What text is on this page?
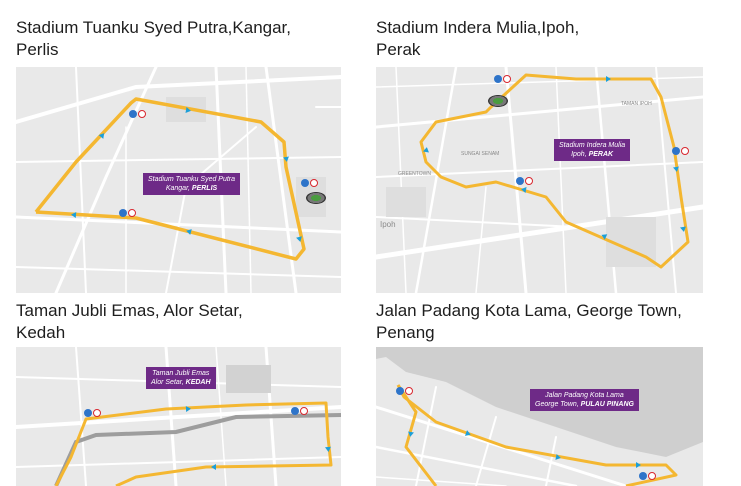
Stadium Tuanku Syed Putra,Kangar,
Perlis
Stadium Tuanku Syed Putra
Kangar, PERLIS
Stadium Indera Mulia,Ipoh,
Perak
TAMAN IPOH
SUNGAI SENAM
GREENTOWN
Ipoh
Stadium Indera Mulia
Ipoh, PERAK
Taman Jubli Emas, Alor Setar,
Kedah
Taman Jubli Emas
Alor Setar, KEDAH
Jalan Padang Kota Lama, George Town,
Penang
Jalan Padang Kota Lama
George Town, PULAU PINANG
